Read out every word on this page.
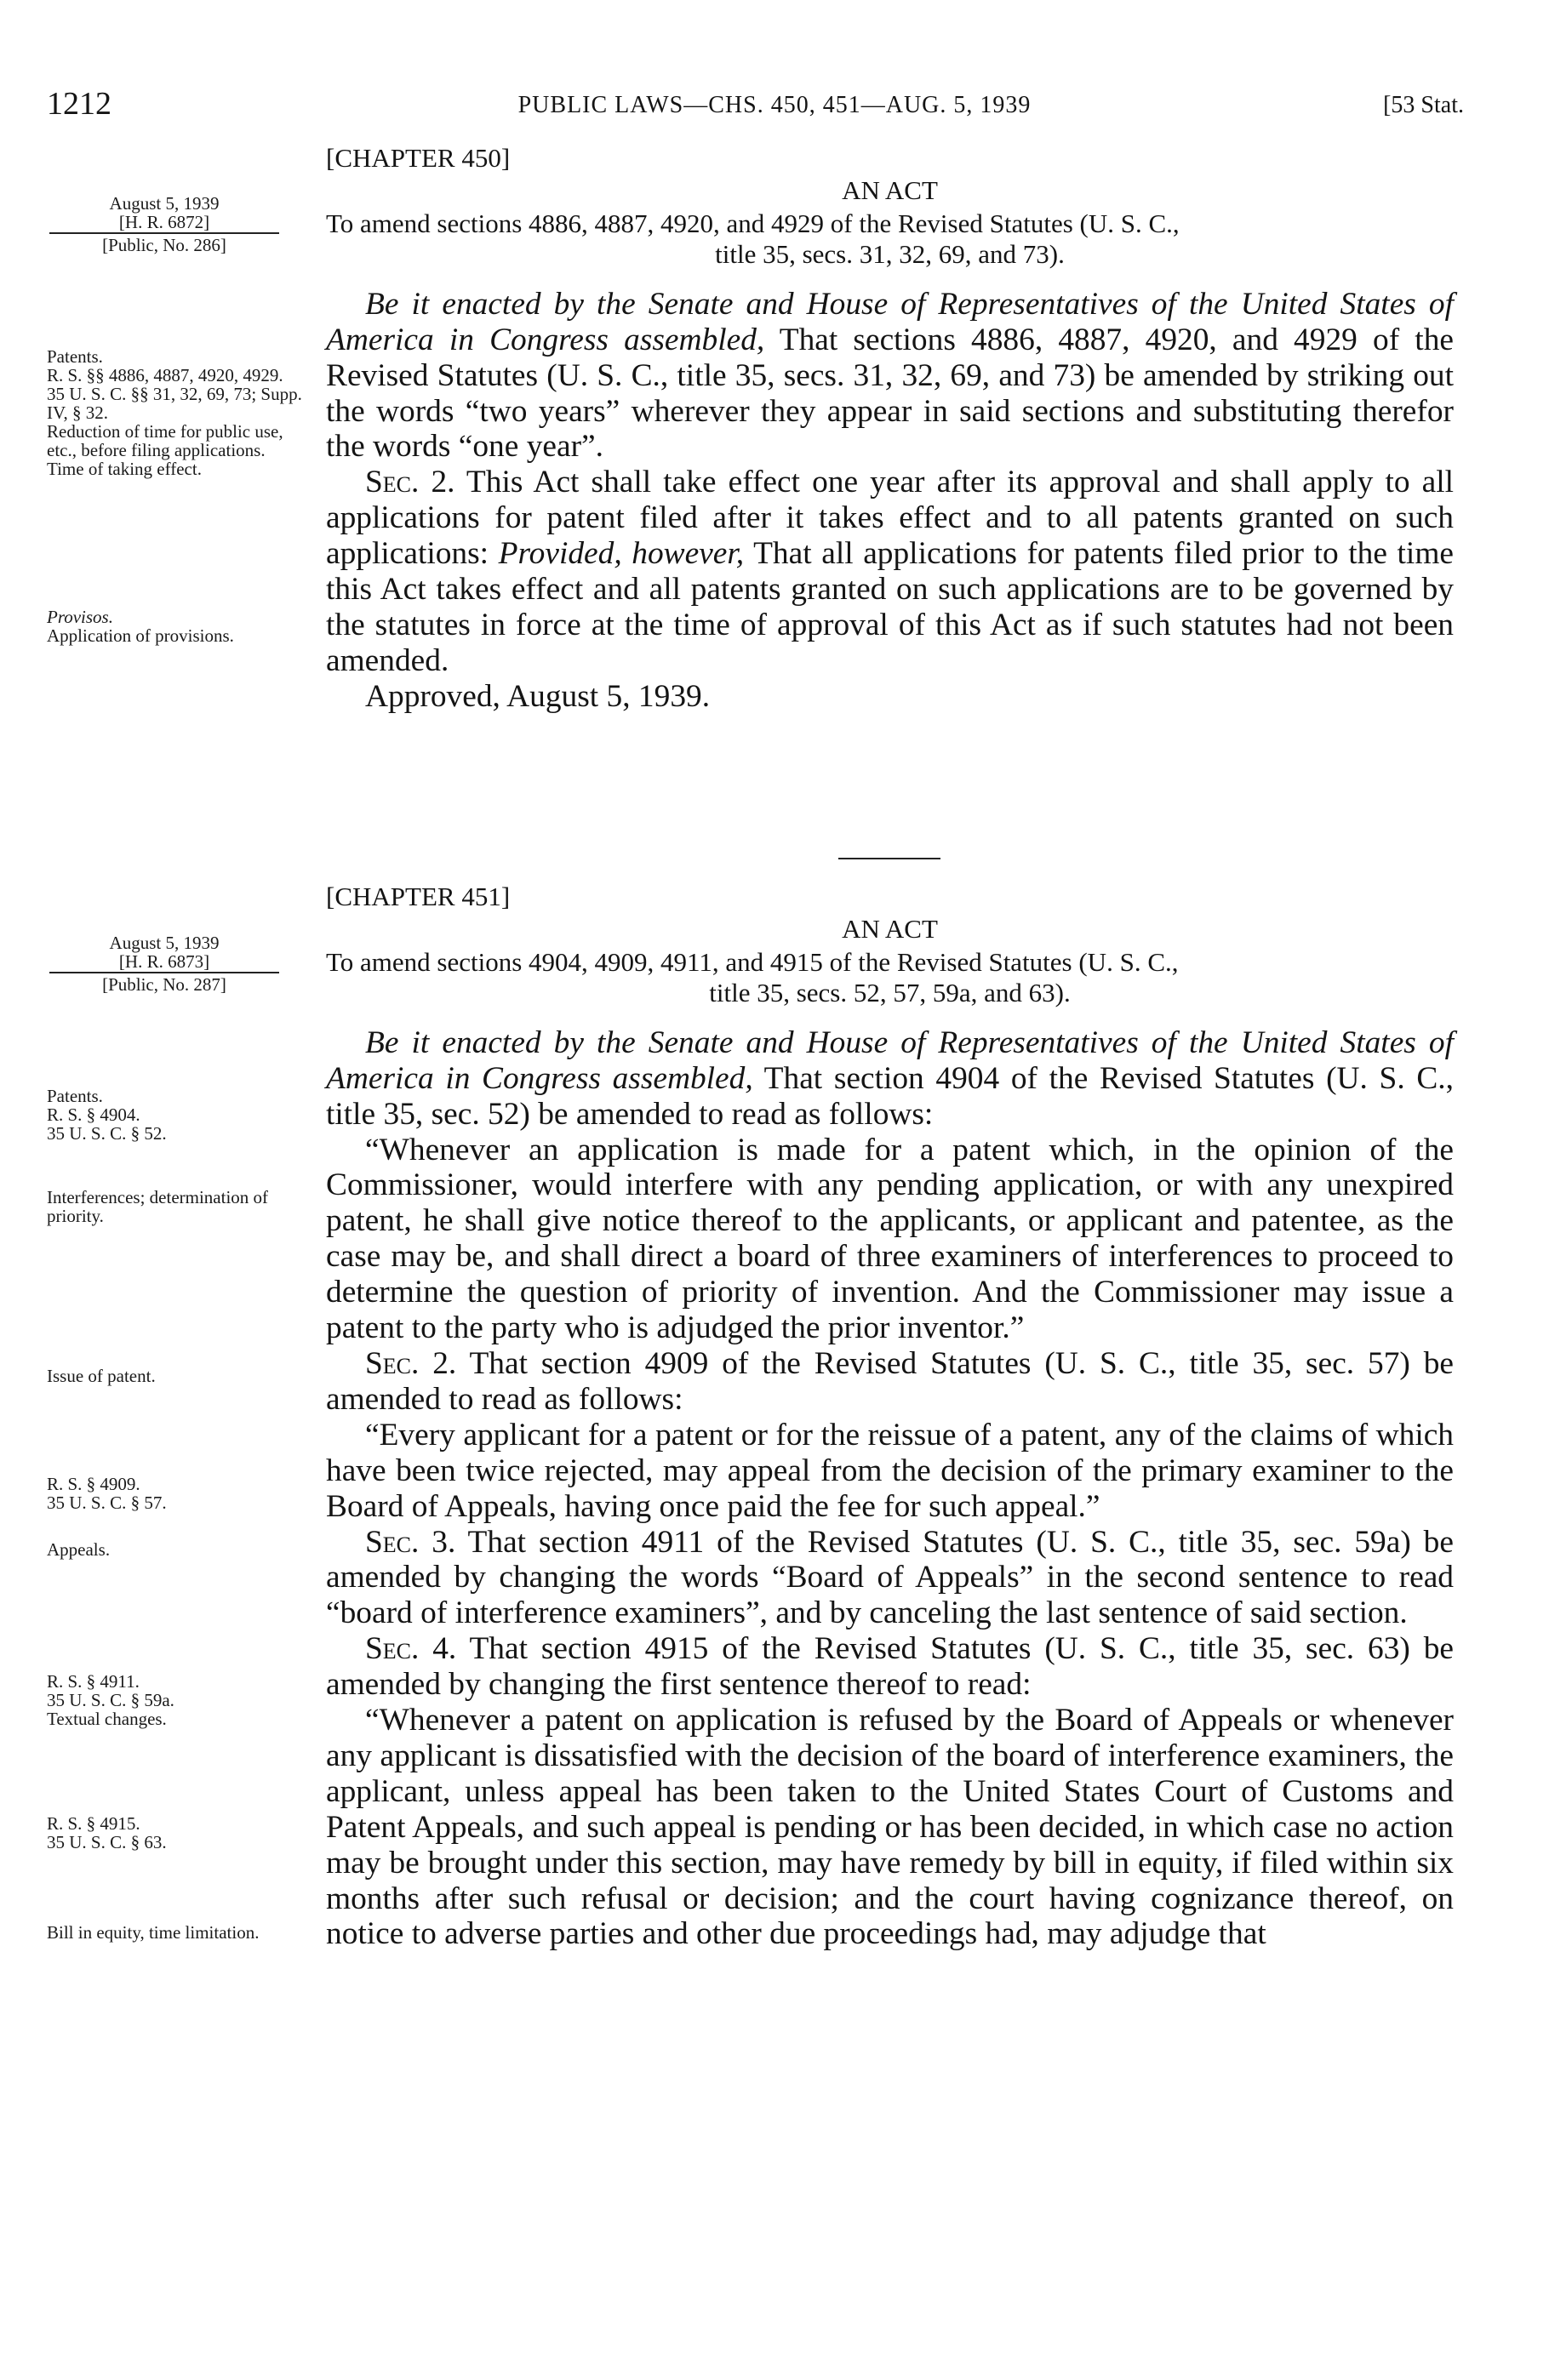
1212	PUBLIC LAWS—CHS. 450, 451—AUG. 5, 1939	[53 Stat.

[CHAPTER 450]

AN ACT

To amend sections 4886, 4887, 4920, and 4929 of the Revised Statutes (U. S. C.,
title 35, secs. 31, 32, 69, and 73).

Be it enacted by the Senate and House of Representatives of the United States of America in Congress assembled, That sections 4886, 4887, 4920, and 4929 of the Revised Statutes (U. S. C., title 35, secs. 31, 32, 69, and 73) be amended by striking out the words “two years” wherever they appear in said sections and substituting therefor the words “one year”.

Sec. 2. This Act shall take effect one year after its approval and shall apply to all applications for patent filed after it takes effect and to all patents granted on such applications: Provided, however, That all applications for patents filed prior to the time this Act takes effect and all patents granted on such applications are to be governed by the statutes in force at the time of approval of this Act as if such statutes had not been amended.

Approved, August 5, 1939.

[CHAPTER 451]

AN ACT

To amend sections 4904, 4909, 4911, and 4915 of the Revised Statutes (U. S. C.,
title 35, secs. 52, 57, 59a, and 63).

Be it enacted by the Senate and House of Representatives of the United States of America in Congress assembled, That section 4904 of the Revised Statutes (U. S. C., title 35, sec. 52) be amended to read as follows:

“Whenever an application is made for a patent which, in the opinion of the Commissioner, would interfere with any pending application, or with any unexpired patent, he shall give notice thereof to the applicants, or applicant and patentee, as the case may be, and shall direct a board of three examiners of interferences to proceed to determine the question of priority of invention. And the Commissioner may issue a patent to the party who is adjudged the prior inventor.”

Sec. 2. That section 4909 of the Revised Statutes (U. S. C., title 35, sec. 57) be amended to read as follows:

“Every applicant for a patent or for the reissue of a patent, any of the claims of which have been twice rejected, may appeal from the decision of the primary examiner to the Board of Appeals, having once paid the fee for such appeal.”

Sec. 3. That section 4911 of the Revised Statutes (U. S. C., title 35, sec. 59a) be amended by changing the words “Board of Appeals” in the second sentence to read “board of interference examiners”, and by canceling the last sentence of said section.

Sec. 4. That section 4915 of the Revised Statutes (U. S. C., title 35, sec. 63) be amended by changing the first sentence thereof to read:

“Whenever a patent on application is refused by the Board of Appeals or whenever any applicant is dissatisfied with the decision of the board of interference examiners, the applicant, unless appeal has been taken to the United States Court of Customs and Patent Appeals, and such appeal is pending or has been decided, in which case no action may be brought under this section, may have remedy by bill in equity, if filed within six months after such refusal or decision; and the court having cognizance thereof, on notice to adverse parties and other due proceedings had, may adjudge that

August 5, 1939
[H. R. 6872]
[Public, No. 286]
Patents.
R. S. §§ 4886, 4887, 4920, 4929.
35 U. S. C. §§ 31, 32, 69, 73; Supp. IV, § 32.
Reduction of time for public use, etc., before filing applications.
Time of taking effect.
Provisos.
Application of provisions.
August 5, 1939
[H. R. 6873]
[Public, No. 287]
Patents.
R. S. § 4904.
35 U. S. C. § 52.
Interferences; determination of priority.
Issue of patent.
R. S. § 4909.
35 U. S. C. § 57.
Appeals.
R. S. § 4911.
35 U. S. C. § 59a.
Textual changes.
R. S. § 4915.
35 U. S. C. § 63.
Bill in equity, time limitation.
